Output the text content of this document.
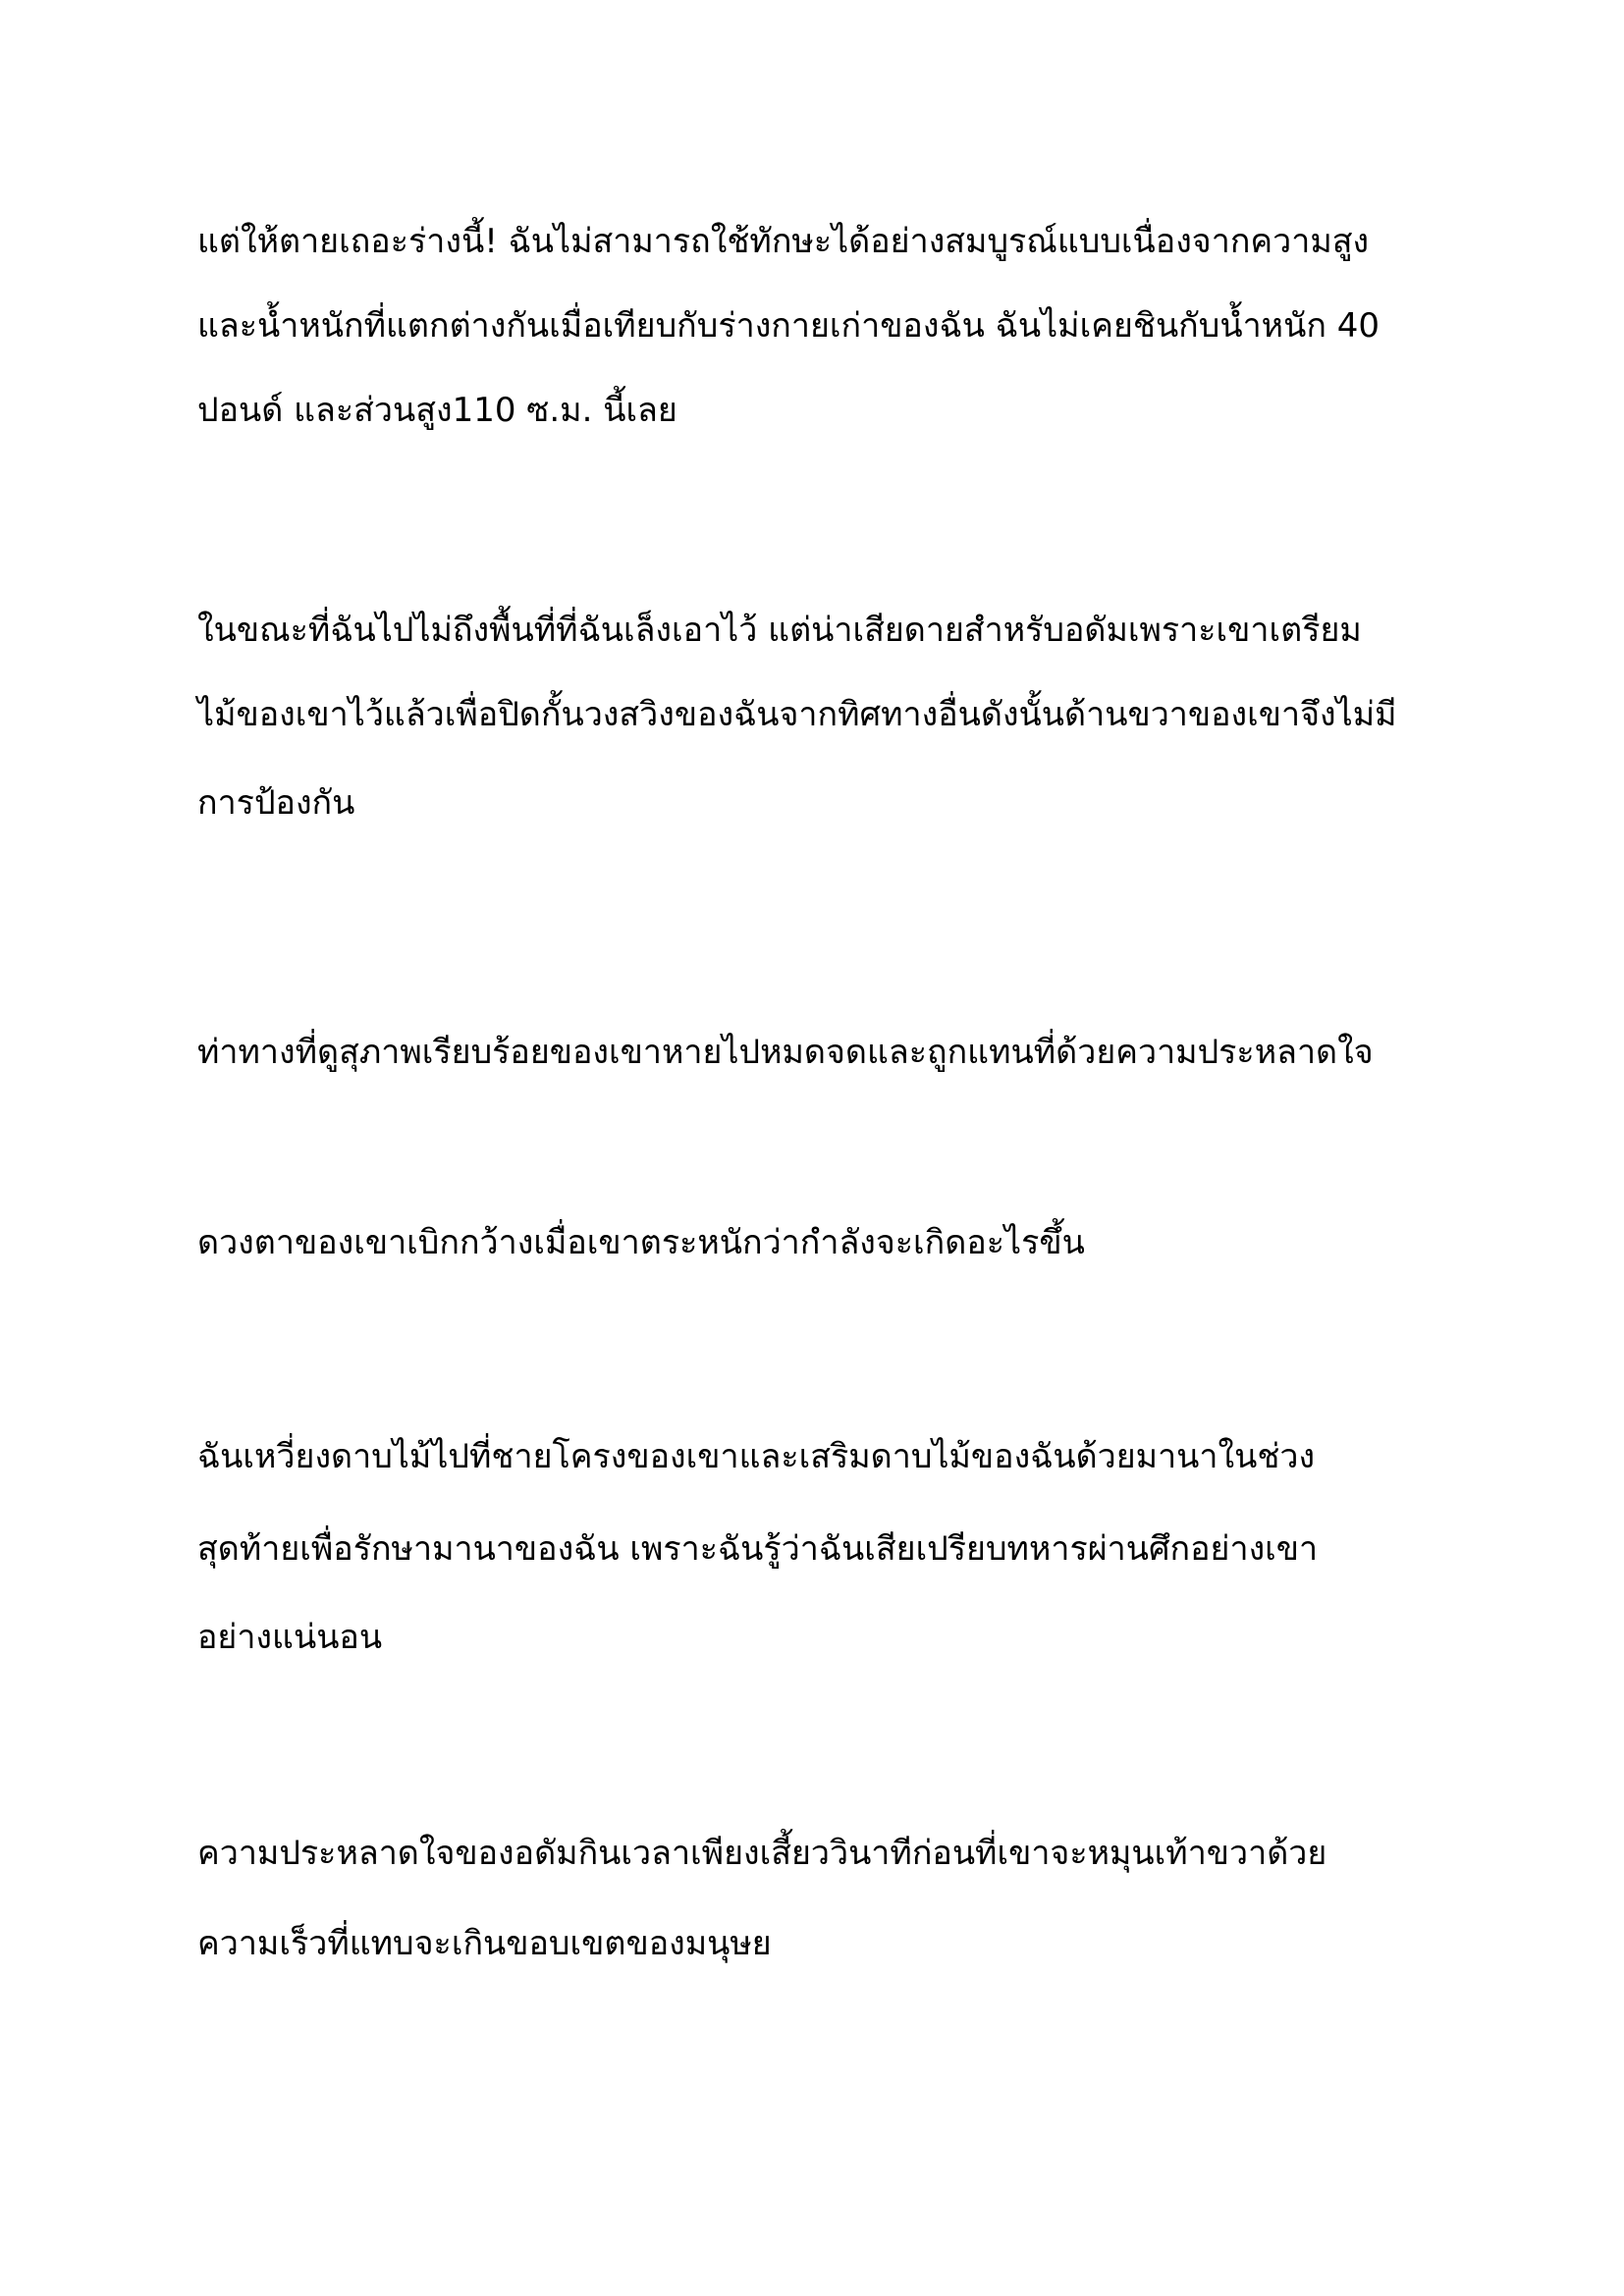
แต่ให้ตายเถอะร่างนี้! ฉันไม่สามารถใช้ทักษะได้อย่างสมบูรณ์แบบเนื่องจากความสูง

และน้ำหนักที่แตกต่างกันเมื่อเทียบกับร่างกายเก่าของฉัน ฉันไม่เคยชินกับน้ำหนัก 40

ปอนด์ และส่วนสูง110 ซ.ม. นี้เลย

ในขณะที่ฉันไปไม่ถึงพื้นที่ที่ฉันเล็งเอาไว้ แต่น่าเสียดายสำหรับอดัมเพราะเขาเตรียม

ไม้ของเขาไว้แล้วเพื่อปิดกั้นวงสวิงของฉันจากทิศทางอื่นดังนั้นด้านขวาของเขาจึงไม่มี

การป้องกัน

ท่าทางที่ดูสุภาพเรียบร้อยของเขาหายไปหมดจดและถูกแทนที่ด้วยความประหลาดใจ

ดวงตาของเขาเบิกกว้างเมื่อเขาตระหนักว่ากำลังจะเกิดอะไรขึ้น

ฉันเหวี่ยงดาบไม้ไปที่ชายโครงของเขาและเสริมดาบไม้ของฉันด้วยมานาในช่วง

สุดท้ายเพื่อรักษามานาของฉัน เพราะฉันรู้ว่าฉันเสียเปรียบทหารผ่านศึกอย่างเขา

อย่างแน่นอน

ความประหลาดใจของอดัมกินเวลาเพียงเสี้ยววินาทีก่อนที่เขาจะหมุนเท้าขวาด้วย

ความเร็วที่แทบจะเกินขอบเขตของมนุษย
